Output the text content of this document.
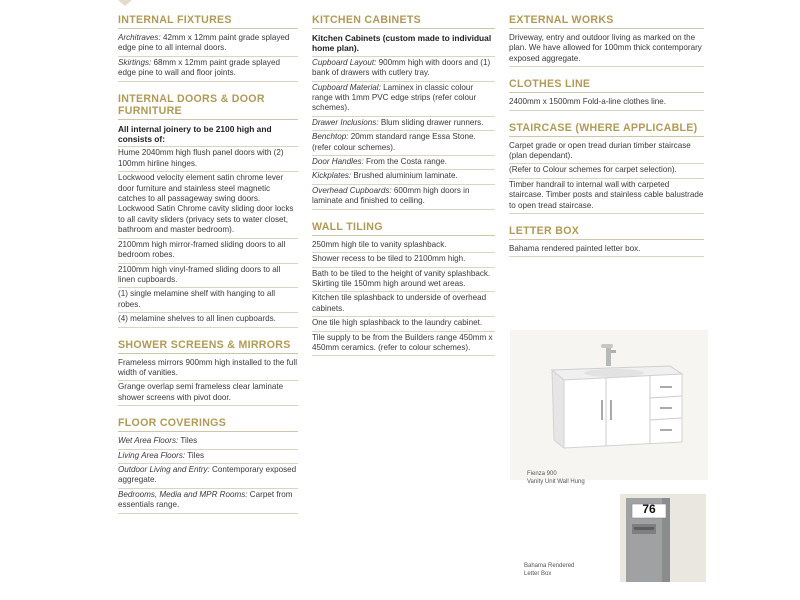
INTERNAL FIXTURES
Architraves: 42mm x 12mm paint grade splayed edge pine to all internal doors.
Skirtings: 68mm x 12mm paint grade splayed edge pine to wall and floor joints.
INTERNAL DOORS & DOOR FURNITURE
All internal joinery to be 2100 high and consists of:
Hume 2040mm high flush panel doors with (2) 100mm hirline hinges.
Lockwood velocity element satin chrome lever door furniture and stainless steel magnetic catches to all passageway swing doors. Lockwood Satin Chrome cavity sliding door locks to all cavity sliders (privacy sets to water closet, bathroom and master bedroom).
2100mm high mirror-framed sliding doors to all bedroom robes.
2100mm high vinyl-framed sliding doors to all linen cupboards.
(1) single melamine shelf with hanging to all robes.
(4) melamine shelves to all linen cupboards.
SHOWER SCREENS & MIRRORS
Frameless mirrors 900mm high installed to the full width of vanities.
Grange overlap semi frameless clear laminate shower screens with pivot door.
FLOOR COVERINGS
Wet Area Floors: Tiles
Living Area Floors: Tiles
Outdoor Living and Entry: Contemporary exposed aggregate.
Bedrooms, Media and MPR Rooms: Carpet from essentials range.
KITCHEN CABINETS
Kitchen Cabinets (custom made to individual home plan).
Cupboard Layout: 900mm high with doors and (1) bank of drawers with cutlery tray.
Cupboard Material: Laminex in classic colour range with 1mm PVC edge strips (refer colour schemes).
Drawer Inclusions: Blum sliding drawer runners.
Benchtop: 20mm standard range Essa Stone. (refer colour schemes).
Door Handles: From the Costa range.
Kickplates: Brushed aluminium laminate.
Overhead Cupboards: 600mm high doors in laminate and finished to ceiling.
WALL TILING
250mm high tile to vanity splashback.
Shower recess to be tiled to 2100mm high.
Bath to be tiled to the height of vanity splashback. Skirting tile 150mm high around wet areas.
Kitchen tile splashback to underside of overhead cabinets.
One tile high splashback to the laundry cabinet.
Tile supply to be from the Builders range 450mm x 450mm ceramics. (refer to colour schemes).
EXTERNAL WORKS
Driveway, entry and outdoor living as marked on the plan. We have allowed for 100mm thick contemporary exposed aggregate.
CLOTHES LINE
2400mm x 1500mm Fold-a-line clothes line.
STAIRCASE (WHERE APPLICABLE)
Carpet grade or open tread durian timber staircase (plan dependant).
(Refer to Colour schemes for carpet selection).
Timber handrail to internal wall with carpeted staircase. Timber posts and stainless cable balustrade to open tread staircase.
LETTER BOX
Bahama rendered painted letter box.
Fienza 900
Vanity Unit Wall Hung
76
Bahama Rendered
Letter Box
